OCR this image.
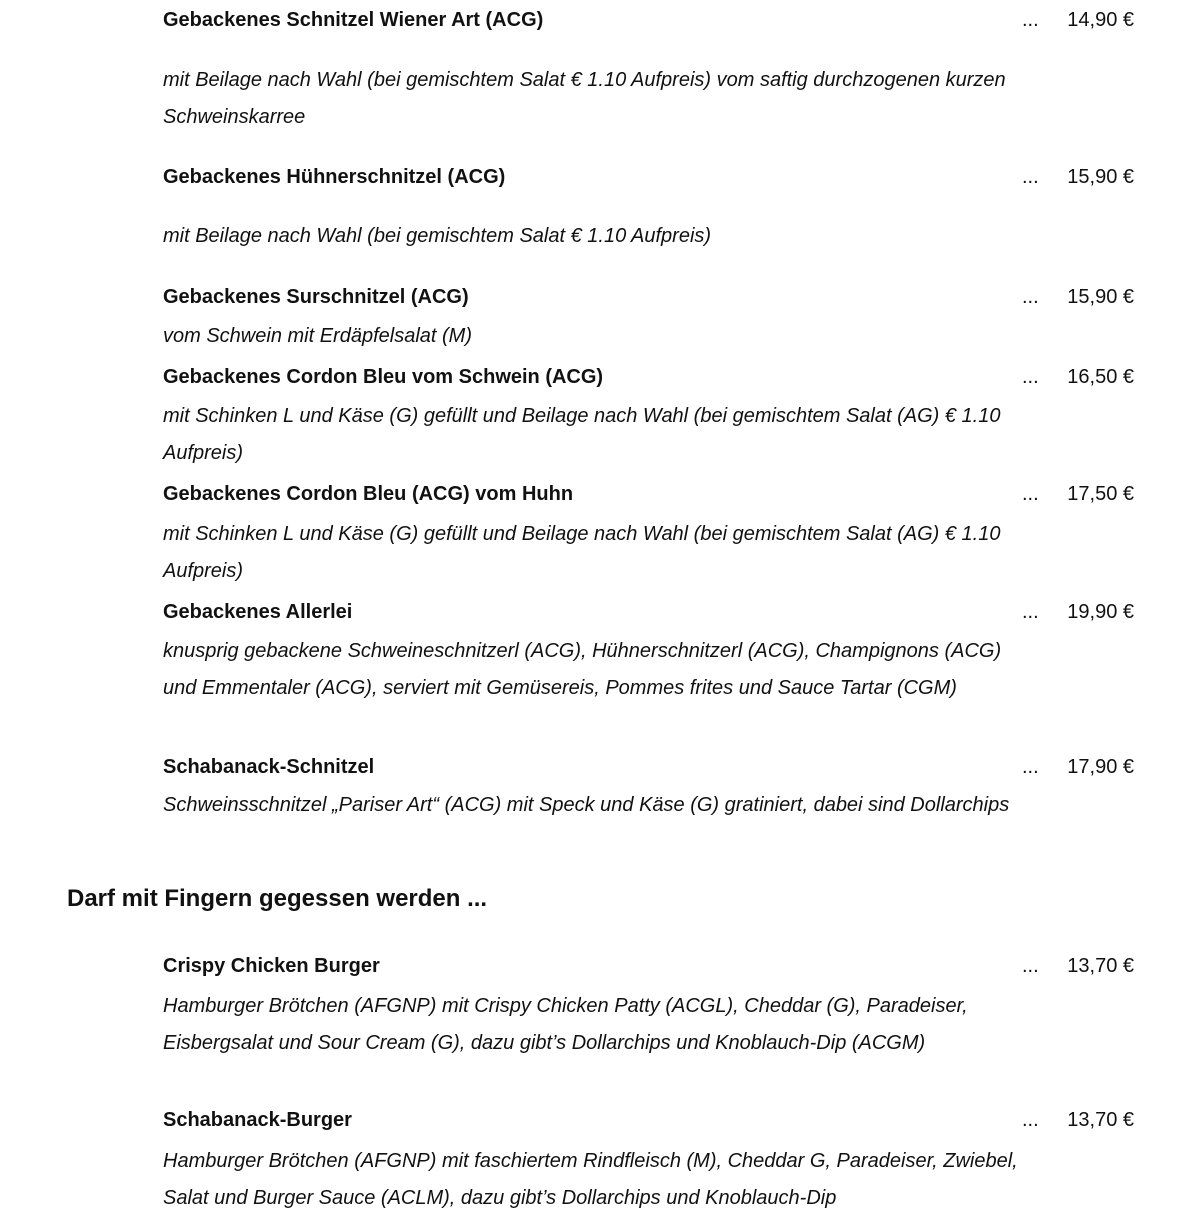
Gebackenes Schnitzel Wiener Art (ACG)	... 14,90 €

mit Beilage nach Wahl (bei gemischtem Salat € 1.10 Aufpreis) vom saftig durchzogenen kurzen Schweinskarree

Gebackenes Hühnerschnitzel (ACG)	... 15,90 €

mit Beilage nach Wahl (bei gemischtem Salat € 1.10 Aufpreis)

Gebackenes Surschnitzel (ACG)	... 15,90 €

vom Schwein mit Erdäpfelsalat (M)

Gebackenes Cordon Bleu vom Schwein (ACG)	... 16,50 €

mit Schinken L und Käse (G) gefüllt und Beilage nach Wahl (bei gemischtem Salat (AG) € 1.10 Aufpreis)

Gebackenes Cordon Bleu (ACG) vom Huhn	... 17,50 €

mit Schinken L und Käse (G) gefüllt und Beilage nach Wahl (bei gemischtem Salat (AG) € 1.10 Aufpreis)

Gebackenes Allerlei	... 19,90 €

knusprig gebackene Schweineschnitzerl (ACG), Hühnerschnitzerl (ACG), Champignons (ACG) und Emmentaler (ACG), serviert mit Gemüsereis, Pommes frites und Sauce Tartar (CGM)

Schabanack-Schnitzel	... 17,90 €

Schweinsschnitzel „Pariser Art“ (ACG) mit Speck und Käse (G) gratiniert, dabei sind Dollarchips

Darf mit Fingern gegessen werden ...
Crispy Chicken Burger	... 13,70 €

Hamburger Brötchen (AFGNP) mit Crispy Chicken Patty (ACGL), Cheddar (G), Paradeiser, Eisbergsalat und Sour Cream (G), dazu gibt’s Dollarchips und Knoblauch-Dip (ACGM)

Schabanack-Burger	... 13,70 €

Hamburger Brötchen (AFGNP) mit faschiertem Rindfleisch (M), Cheddar G, Paradeiser, Zwiebel, Salat und Burger Sauce (ACLM), dazu gibt’s Dollarchips und Knoblauch-Dip
